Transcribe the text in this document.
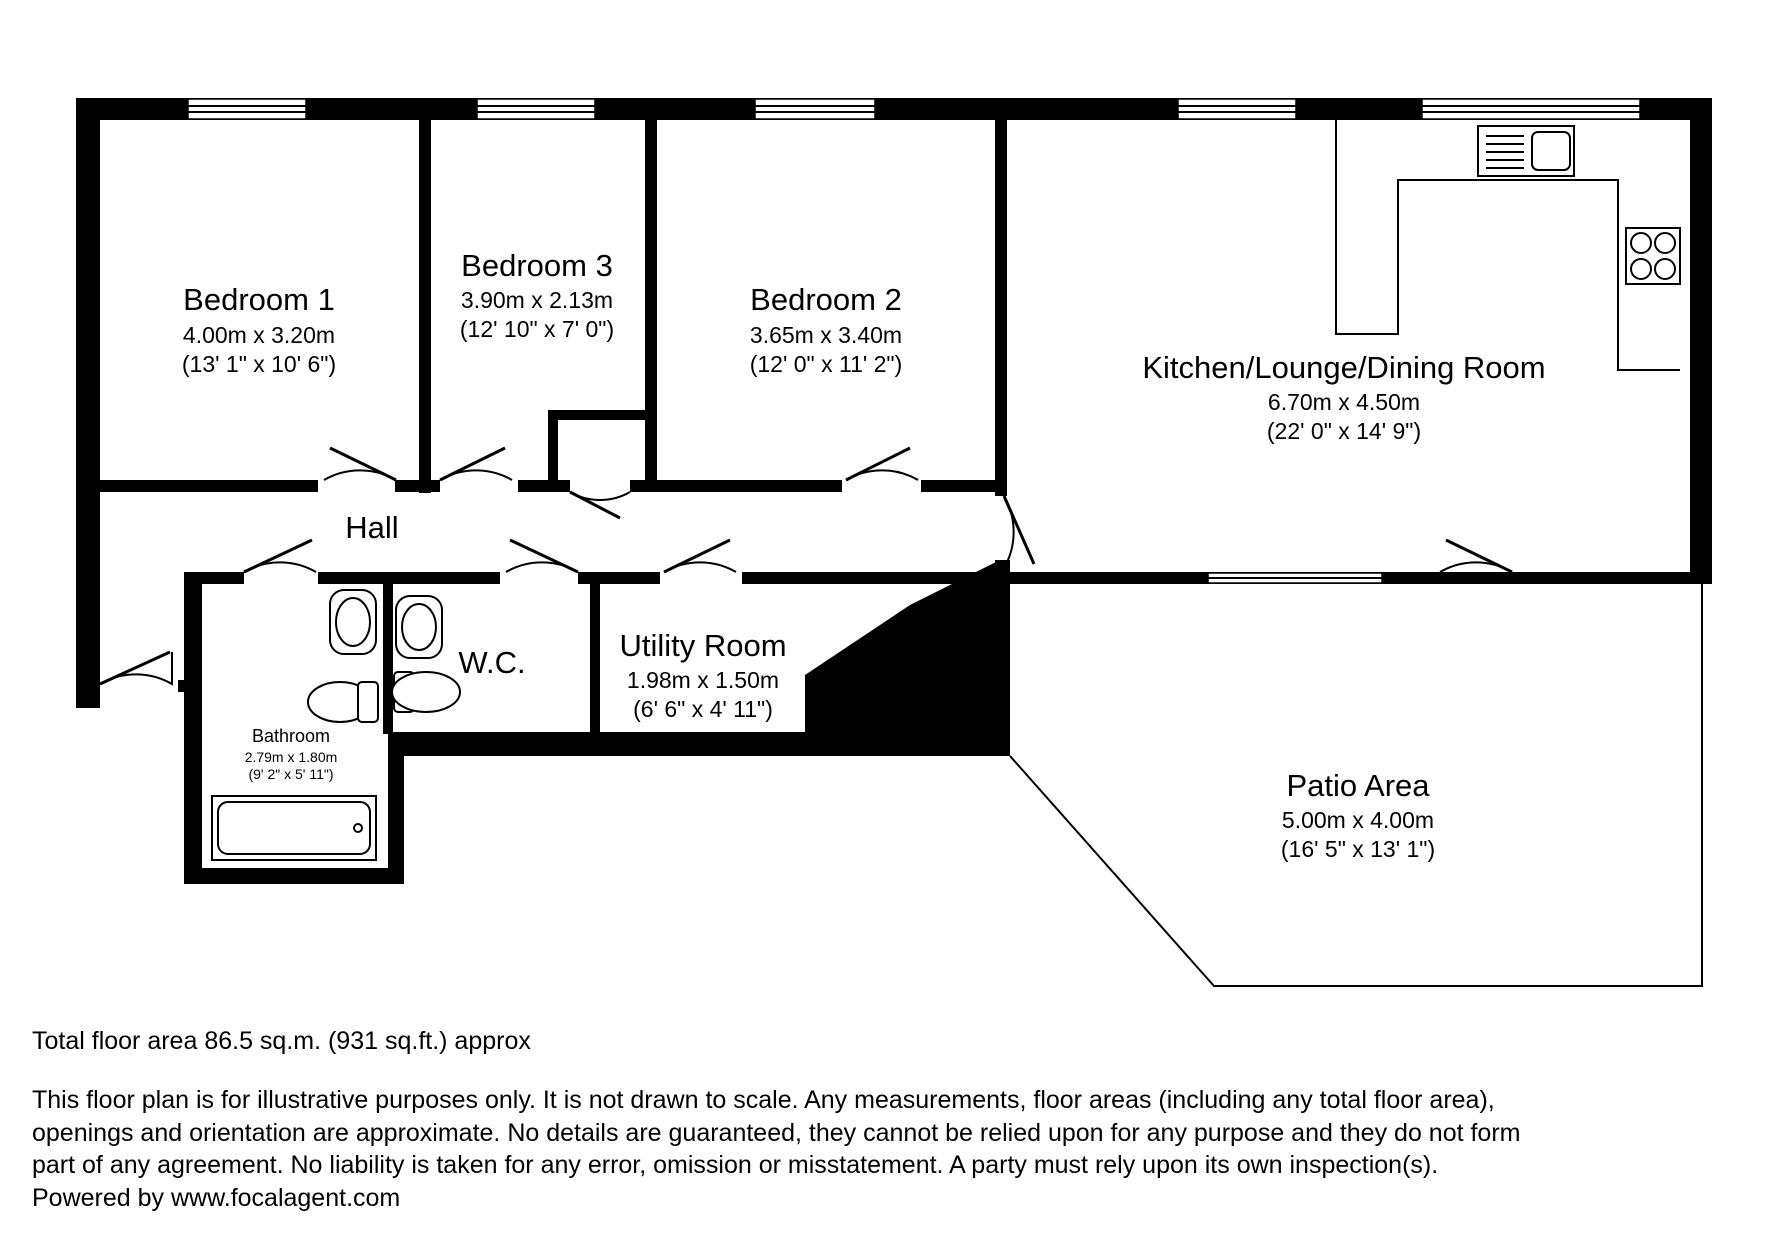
Bedroom 1
4.00m x 3.20m
(13' 1" x 10' 6")
Bedroom 3
3.90m x 2.13m
(12' 10" x 7' 0")
Bedroom 2
3.65m x 3.40m
(12' 0" x 11' 2")	Kitchen/Lounge/Dining Room
6.70m x 4.50m
(22' 0" x 14' 9")
Hall
W.C.	Utility Room
1.98m x 1.50m
(6' 6" x 4' 11")
Bathroom
2.79m x 1.80m
(9' 2" x 5' 11")	Patio Area
5.00m x 4.00m
(16' 5" x 13' 1")
Total floor area 86.5 sq.m. (931 sq.ft.) approx
This floor plan is for illustrative purposes only. It is not drawn to scale. Any measurements, floor areas (including any total floor area),
openings and orientation are approximate. No details are guaranteed, they cannot be relied upon for any purpose and they do not form
part of any agreement. No liability is taken for any error, omission or misstatement. A party must rely upon its own inspection(s).
Powered by www.focalagent.com
